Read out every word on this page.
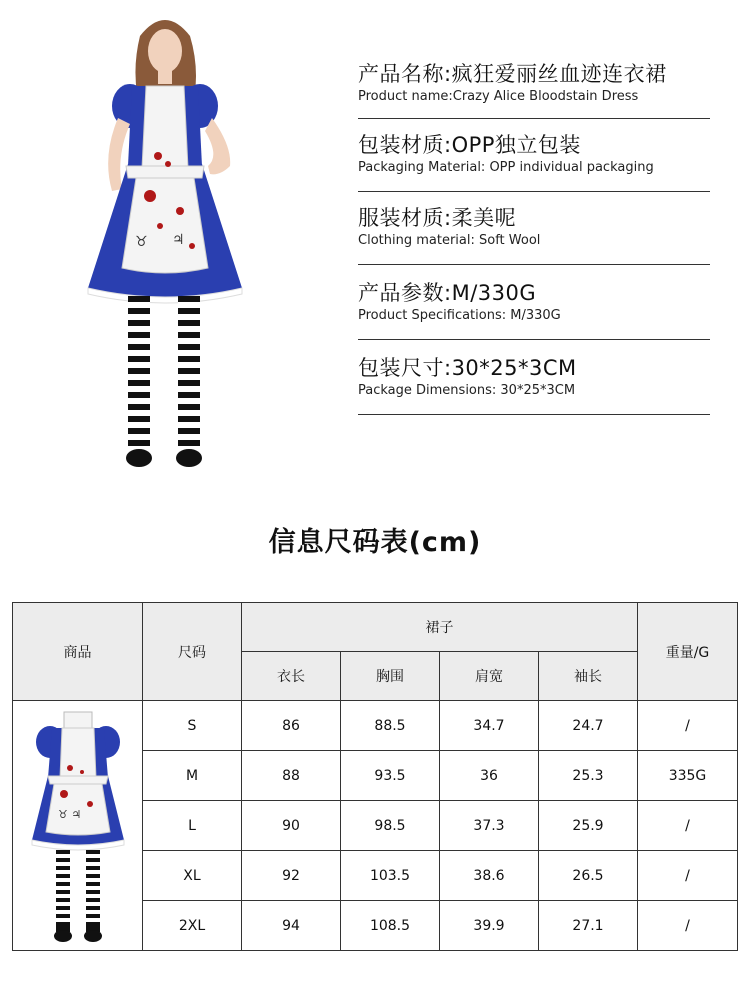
♉ ♃
产品名称:疯狂爱丽丝血迹连衣裙
Product name:Crazy Alice Bloodstain Dress
包装材质:OPP独立包装
Packaging Material: OPP individual packaging
服装材质:柔美呢
Clothing material: Soft Wool
产品参数:M/330G
Product Specifications: M/330G
包装尺寸:30*25*3CM
Package Dimensions: 30*25*3CM
信息尺码表(cm)
商品	尺码	裙子				重量/G
		衣长	胸围	肩宽	袖长	

♉ ♃	S	86	88.5	34.7	24.7	/
	M	88	93.5	36	25.3	335G
	L	90	98.5	37.3	25.9	/
	XL	92	103.5	38.6	26.5	/
	2XL	94	108.5	39.9	27.1	/
